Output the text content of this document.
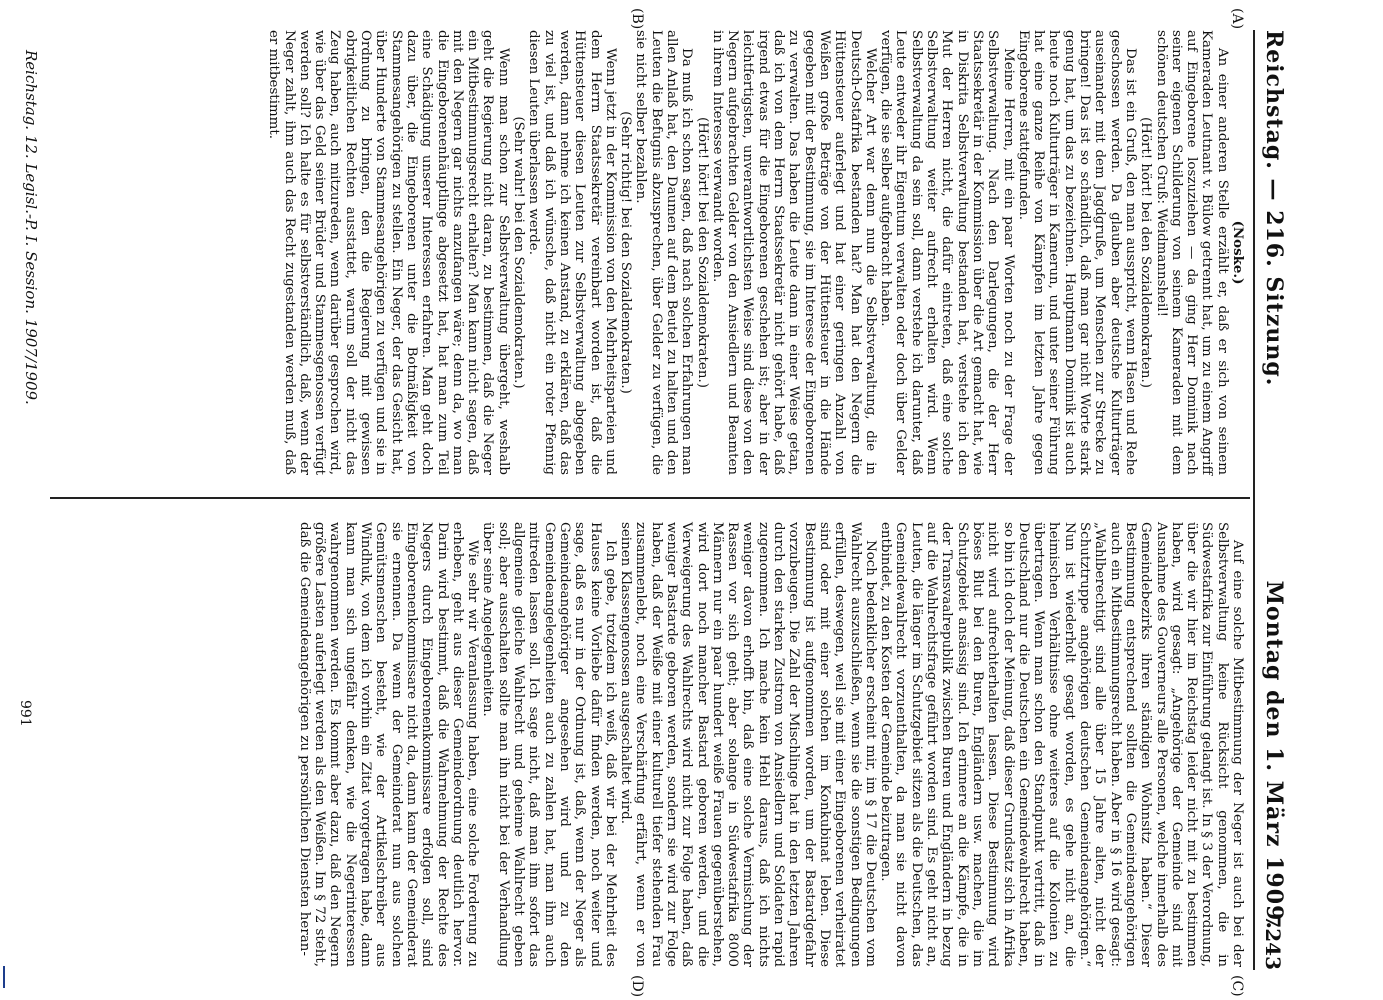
Reichstag. — 216. Sitzung.
Montag den 1. März 1909.
7243
(A)
(B)
(C)
(D)

(Noske.)

An einer anderen Stelle erzählt er, daß er sich von seinem Kameraden Leutnant v. Bülow getrennt hat, um zu einem Angriff auf Eingeborene loszuziehen — da ging Herr Dominik nach seiner eigenen Schilderung von seinem Kameraden mit dem schönen deutschen Gruß: Weidmannsheil!

(Hört! hört! bei den Sozialdemokraten.)

Das ist ein Gruß, den man ausspricht, wenn Hasen und Rehe geschossen werden. Da glauben aber deutsche Kulturträger auseinander mit dem Jagdgruße, um Menschen zur Strecke zu bringen! Das ist so schändlich, daß man gar nicht Worte stark genug hat, um das zu bezeichnen. Hauptmann Dominik ist auch heute noch Kulturträger in Kamerun, und unter seiner Führung hat eine ganze Reihe von Kämpfen im letzten Jahre gegen Eingeborene stattgefunden.

Meine Herren, mit ein paar Worten noch zu der Frage der Selbstverwaltung. Nach den Darlegungen, die der Herr Staatssekretär in der Kommission über die Art gemacht hat, wie in Diskrita Selbstverwaltung bestanden hat, verstehe ich den Mut der Herren nicht, die dafür eintreten, daß eine solche Selbstverwaltung weiter aufrecht erhalten wird. Wenn Selbstverwaltung da sein soll, dann verstehe ich darunter, daß Leute entweder ihr Eigentum verwalten oder doch über Gelder verfügen, die sie selber aufgebracht haben.

Welcher Art war denn nun die Selbstverwaltung, die in Deutsch-Ostafrika bestanden hat? Man hat den Negern die Hüttensteuer auferlegt und hat einer geringen Anzahl von Weißen große Beträge von der Hüttensteuer in die Hände gegeben mit der Bestimmung, sie im Interesse der Eingeborenen zu verwalten. Das haben die Leute dann in einer Weise getan, daß ich von dem Herrn Staatssekretär nicht gehört habe, daß irgend etwas für die Eingeborenen geschehen ist; aber in der leichtfertigsten, unverantwortlichsten Weise sind diese von den Negern aufgebrachten Gelder von den Ansiedlern und Beamten in ihrem Interesse verwandt worden.

(Hört! hört! bei den Sozialdemokraten.)

Da muß ich schon sagen, daß nach solchen Erfahrungen man allen Anlaß hat, den Daumen auf dem Beutel zu halten und den Leuten die Befugnis abzusprechen, über Gelder zu verfügen, die sie nicht selber bezahlen.

(Sehr richtig! bei den Sozialdemokraten.)

Wenn jetzt in der Kommission von den Mehrheitsparteien und dem Herrn Staatssekretär vereinbart worden ist, daß die Hüttensteuer diesen Leuten zur Selbstverwaltung abgegeben werden, dann nehme ich keinen Anstand, zu erklären, daß das zu viel ist, und daß ich wünsche, daß nicht ein roter Pfennig diesen Leuten überlassen werde.

(Sehr wahr! bei den Sozialdemokraten.)

Wenn man schon zur Selbstverwaltung übergeht, weshalb geht die Regierung nicht daran, zu bestimmen, daß die Neger ein Mitbestimmungsrecht erhalten? Man kann nicht sagen, daß mit den Negern gar nichts anzufangen wäre; denn da, wo man die Eingeborenenhäuptlinge abgesetzt hat, hat man zum Teil eine Schädigung unserer Interessen erfahren. Man geht doch dazu über, die Eingeborenen unter die Botmäßigkeit von Stammesangehörigen zu stellen. Ein Neger, der das Gesicht hat, über Hunderte von Stammesangehörigen zu verfügen und sie in Ordnung zu bringen, den die Regierung mit gewissen obrigkeitlichen Rechten ausstattet, warum soll der nicht das Zeug haben, auch mitzureden, wenn darüber gesprochen wird, wie über das Geld seiner Brüder und Stammesgenossen verfügt werden soll? Ich halte es für selbstverständlich, daß, wenn der Neger zahlt, ihm auch das Recht zugestanden werden muß, daß er mitbestimmt.

Auf eine solche Mitbestimmung der Neger ist auch bei der Selbstverwaltung keine Rücksicht genommen, die in Südwestafrika zur Einführung gelangt ist. In § 3 der Verordnung, über die wir hier im Reichstag leider nicht mit zu bestimmen haben, wird gesagt: „Angehörige der Gemeinde sind mit Ausnahme des Gouverneurs alle Personen, welche innerhalb des Gemeindebezirks ihren ständigen Wohnsitz haben.“ Dieser Bestimmung entsprechend sollten die Gemeindeangehörigen auch ein Mitbestimmungsrecht haben. Aber in § 16 wird gesagt: „Wahlberechtigt sind alle über 15 Jahre alten, nicht der Schutztruppe angehörigen deutschen Gemeindeangehörigen.“ Nun ist wiederholt gesagt worden, es gehe nicht an, die heimischen Verhältnisse ohne weiteres auf die Kolonien zu übertragen. Wenn man schon den Standpunkt vertritt, daß in Deutschland nur die Deutschen ein Gemeindewahlrecht haben, so bin ich doch der Meinung, daß dieser Grundsatz sich in Afrika nicht wird aufrechterhalten lassen. Diese Bestimmung wird böses Blut bei den Buren, Engländern usw. machen, die im Schutzgebiet ansässig sind. Ich erinnere an die Kämpfe, die in der Transvaalrepublik zwischen Buren und Engländern in bezug auf die Wahlrechtsfrage geführt worden sind. Es geht nicht an, Leuten, die länger im Schutzgebiet sitzen als die Deutschen, das Gemeindewahlrecht vorzuenthalten, da man sie nicht davon entbindet, zu den Kosten der Gemeinde beizutragen.

Noch bedenklicher erscheint mir, im § 17 die Deutschen vom Wahlrecht auszuschließen, wenn sie die sonstigen Bedingungen erfüllen, deswegen, weil sie mit einer Eingeborenen verheiratet sind oder mit einer solchen im Konkubinat leben. Diese Bestimmung ist aufgenommen worden, um der Bastardgefahr vorzubeugen. Die Zahl der Mischlinge hat in den letzten Jahren durch den starken Zustrom von Ansiedlern und Soldaten rapid zugenommen. Ich mache kein Hehl daraus, daß ich nichts weniger davon erhofft bin, daß eine solche Vermischung der Rassen vor sich geht; aber solange in Südwestafrika 8000 Männern nur ein paar hundert weiße Frauen gegenüberstehen, wird dort noch mancher Bastard geboren werden, und die Verweigerung des Wahlrechts wird nicht zur Folge haben, daß weniger Bastarde geboren werden, sondern sie wird zur Folge haben, daß der Weiße mit einer kulturell tiefer stehenden Frau zusammenlebt, noch eine Verschärfung erfährt, wenn er von seinen Klassengenossen ausgeschaltet wird.

Ich gebe, trotzdem ich weiß, daß wir bei der Mehrheit des Hauses keine Vorliebe dafür finden werden, noch weiter und sage, daß es nur in der Ordnung ist, daß, wenn der Neger als Gemeindeangehöriger angesehen wird und zu den Gemeindeangelegenheiten auch zu zahlen hat, man ihm auch mitreden lassen soll. Ich sage nicht, daß man ihm sofort das allgemeine gleiche Wahlrecht und geheime Wahlrecht geben soll; aber ausschalten sollte man ihn nicht bei der Verhandlung über seine Angelegenheiten.

Wie sehr wir Veranlassung haben, eine solche Forderung zu erheben, geht aus dieser Gemeindeordnung deutlich hervor. Darin wird bestimmt, daß die Wahrnehmung der Rechte des Negers durch Eingeborenenkommissare erfolgen soll, sind Eingeborenenkommissare nicht da, dann kann der Gemeinderat sie ernennen. Da wenn der Gemeinderat nun aus solchen Gemütsmenschen besteht, wie der Artikelschreiber aus Windhuk, von dem ich vorhin ein Zitat vorgetragen habe, dann kann man sich ungefähr denken, wie die Negerinteressen wahrgenommen werden. Es kommt aber dazu, daß den Negern größere Lasten auferlegt werden als den Weißen. Im § 72 steht, daß die Gemeindeangehörigen zu persönlichen Diensten heran-

Reichstag. 12. Legisl.-P. I. Session. 1907/1909.
991
